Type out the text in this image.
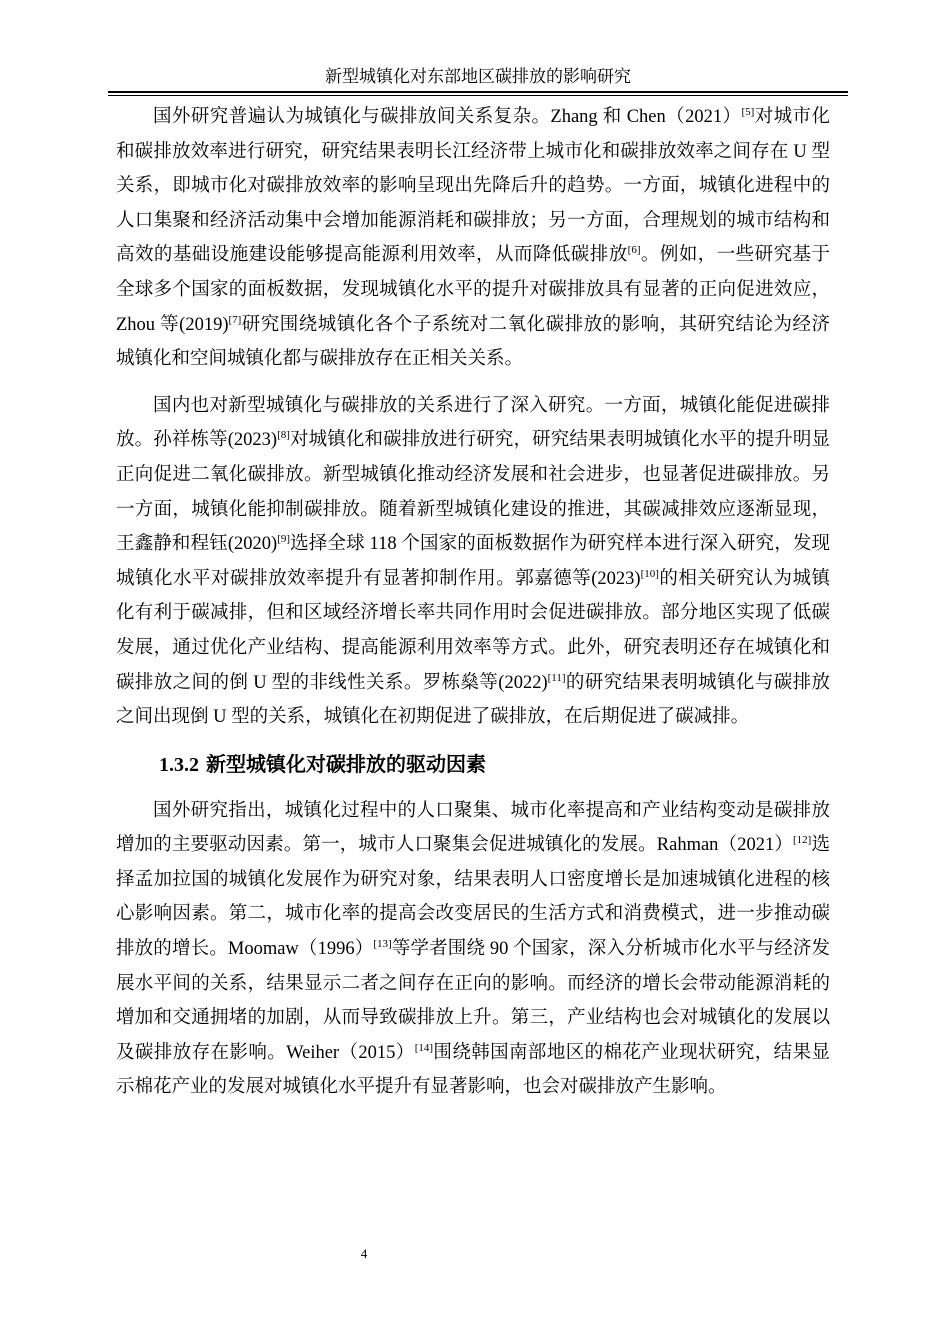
新型城镇化对东部地区碳排放的影响研究

国外研究普遍认为城镇化与碳排放间关系复杂。Zhang 和 Chen（2021）[5]对城市化和碳排放效率进行研究，研究结果表明长江经济带上城市化和碳排放效率之间存在 U 型关系，即城市化对碳排放效率的影响呈现出先降后升的趋势。一方面，城镇化进程中的人口集聚和经济活动集中会增加能源消耗和碳排放；另一方面，合理规划的城市结构和高效的基础设施建设能够提高能源利用效率，从而降低碳排放[6]。例如，一些研究基于全球多个国家的面板数据，发现城镇化水平的提升对碳排放具有显著的正向促进效应，Zhou 等(2019)[7]研究围绕城镇化各个子系统对二氧化碳排放的影响，其研究结论为经济城镇化和空间城镇化都与碳排放存在正相关关系。

国内也对新型城镇化与碳排放的关系进行了深入研究。一方面，城镇化能促进碳排放。孙祥栋等(2023)[8]对城镇化和碳排放进行研究，研究结果表明城镇化水平的提升明显正向促进二氧化碳排放。新型城镇化推动经济发展和社会进步，也显著促进碳排放。另一方面，城镇化能抑制碳排放。随着新型城镇化建设的推进，其碳减排效应逐渐显现，王鑫静和程钰(2020)[9]选择全球 118 个国家的面板数据作为研究样本进行深入研究，发现城镇化水平对碳排放效率提升有显著抑制作用。郭嘉德等(2023)[10]的相关研究认为城镇化有利于碳减排，但和区域经济增长率共同作用时会促进碳排放。部分地区实现了低碳发展，通过优化产业结构、提高能源利用效率等方式。此外，研究表明还存在城镇化和碳排放之间的倒 U 型的非线性关系。罗栋燊等(2022)[11]的研究结果表明城镇化与碳排放之间出现倒 U 型的关系，城镇化在初期促进了碳排放，在后期促进了碳减排。

1.3.2 新型城镇化对碳排放的驱动因素

国外研究指出，城镇化过程中的人口聚集、城市化率提高和产业结构变动是碳排放增加的主要驱动因素。第一，城市人口聚集会促进城镇化的发展。Rahman（2021）[12]选择孟加拉国的城镇化发展作为研究对象，结果表明人口密度增长是加速城镇化进程的核心影响因素。第二，城市化率的提高会改变居民的生活方式和消费模式，进一步推动碳排放的增长。Moomaw（1996）[13]等学者围绕 90 个国家，深入分析城市化水平与经济发展水平间的关系，结果显示二者之间存在正向的影响。而经济的增长会带动能源消耗的增加和交通拥堵的加剧，从而导致碳排放上升。第三，产业结构也会对城镇化的发展以及碳排放存在影响。Weiher（2015）[14]围绕韩国南部地区的棉花产业现状研究，结果显示棉花产业的发展对城镇化水平提升有显著影响，也会对碳排放产生影响。

4
